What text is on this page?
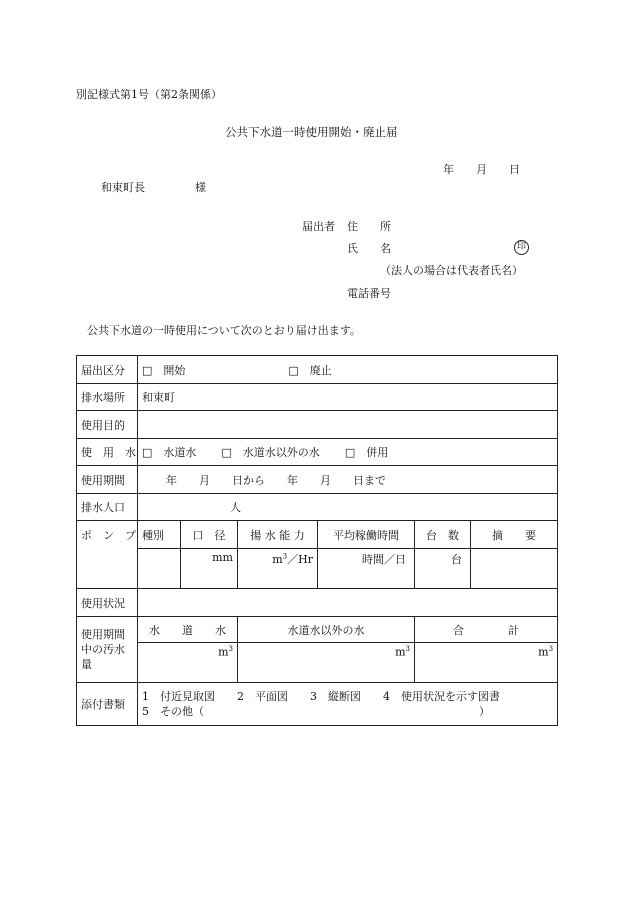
別記様式第1号（第2条関係）
公共下水道一時使用開始・廃止届
年　　月　　日
和束町長	様
届出者 住　　所
氏　　名	印
（法人の場合は代表者氏名）
電話番号
公共下水道の一時使用について次のとおり届け出ます。
届出区分	□　開始 □　廃止					
排水場所	和束町					
使用目的						
使　用　水	□　水道水 □　水道水以外の水 □　併用					
使用期間	年　　月　　日から　　年　　月　　日まで					
排水人口	人					
ポ　ン　プ	種別	口　径	揚 水 能 力	平均稼働時間	台　数	摘　　要
		mm	$m^3/Hr$	時間／日	台	
使用状況						
使用期間中の汚水量	水　　道　　水		水道水以外の水		合　　　　計	
	$m^3$		$m^3$		$m^3$
添付書類	1　付近見取図　　2　平面図　　3　縦断図　　4　使用状況を示す図書
5　その他（　　　　　　　　　　　　　　　　　　　　　　　　　）					
